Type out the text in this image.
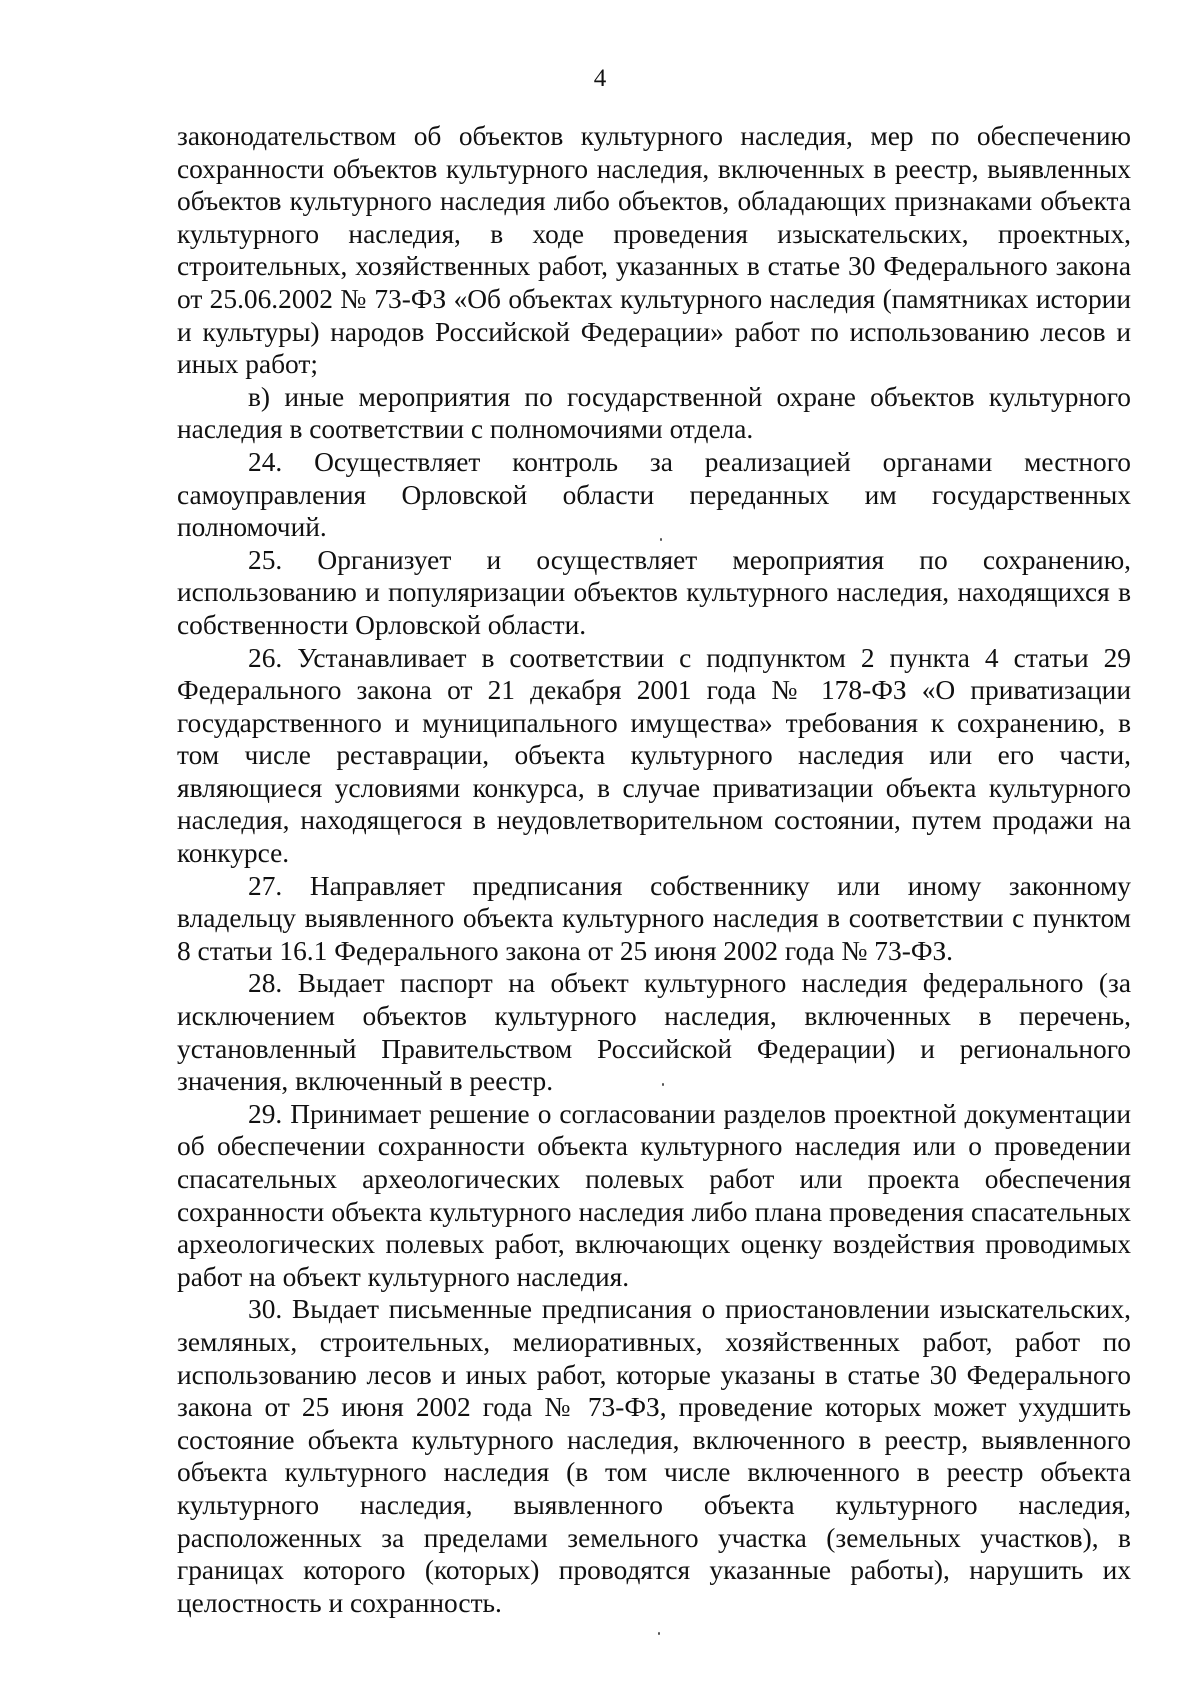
4

законодательством об объектов культурного наследия, мер по обеспечению сохранности объектов культурного наследия, включенных в реестр, выявленных объектов культурного наследия либо объектов, обладающих признаками объекта культурного наследия, в ходе проведения изыскательских, проектных, строительных, хозяйственных работ, указанных в статье 30 Федерального закона от 25.06.2002 № 73-ФЗ «Об объектах культурного наследия (памятниках истории и культуры) народов Российской Федерации» работ по использованию лесов и иных работ;

в) иные мероприятия по государственной охране объектов культурного наследия в соответствии с полномочиями отдела.

24. Осуществляет контроль за реализацией органами местного самоуправления Орловской области переданных им государственных полномочий.

25. Организует и осуществляет мероприятия по сохранению, использованию и популяризации объектов культурного наследия, находящихся в собственности Орловской области.

26. Устанавливает в соответствии с подпунктом 2 пункта 4 статьи 29 Федерального закона от 21 декабря 2001 года № 178-ФЗ «О приватизации государственного и муниципального имущества» требования к сохранению, в том числе реставрации, объекта культурного наследия или его части, являющиеся условиями конкурса, в случае приватизации объекта культурного наследия, находящегося в неудовлетворительном состоянии, путем продажи на конкурсе.

27. Направляет предписания собственнику или иному законному владельцу выявленного объекта культурного наследия в соответствии с пунктом 8 статьи 16.1 Федерального закона от 25 июня 2002 года № 73-ФЗ.

28. Выдает паспорт на объект культурного наследия федерального (за исключением объектов культурного наследия, включенных в перечень, установленный Правительством Российской Федерации) и регионального значения, включенный в реестр.

29. Принимает решение о согласовании разделов проектной документации об обеспечении сохранности объекта культурного наследия или о проведении спасательных археологических полевых работ или проекта обеспечения сохранности объекта культурного наследия либо плана проведения спасательных археологических полевых работ, включающих оценку воздействия проводимых работ на объект культурного наследия.

30. Выдает письменные предписания о приостановлении изыскательских, земляных, строительных, мелиоративных, хозяйственных работ, работ по использованию лесов и иных работ, которые указаны в статье 30 Федерального закона от 25 июня 2002 года № 73-ФЗ, проведение которых может ухудшить состояние объекта культурного наследия, включенного в реестр, выявленного объекта культурного наследия (в том числе включенного в реестр объекта культурного наследия, выявленного объекта культурного наследия, расположенных за пределами земельного участка (земельных участков), в границах которого (которых) проводятся указанные работы), нарушить их целостность и сохранность.
